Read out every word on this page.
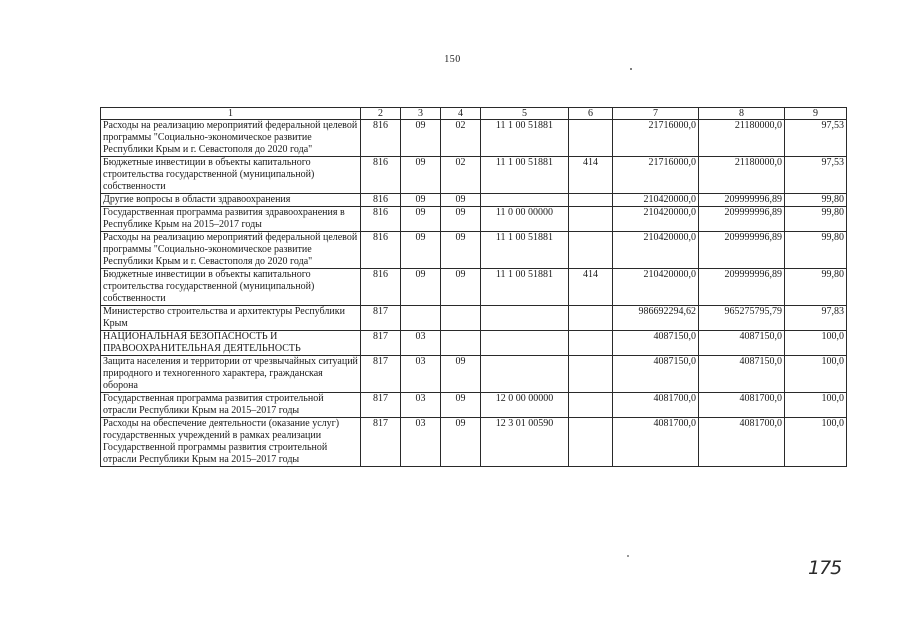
150
1	2	3	4	5	6	7	8	9
Расходы на реализацию мероприятий федеральной целевой программы "Социально-экономическое развитие Республики Крым и г. Севастополя до 2020 года"	816	09	02	11 1 00 51881		21716000,0	21180000,0	97,53
Бюджетные инвестиции в объекты капитального строительства государственной (муниципальной) собственности	816	09	02	11 1 00 51881	414	21716000,0	21180000,0	97,53
Другие вопросы в области здравоохранения	816	09	09			210420000,0	209999996,89	99,80
Государственная программа развития здравоохранения в Республике Крым на 2015–2017 годы	816	09	09	11 0 00 00000		210420000,0	209999996,89	99,80
Расходы на реализацию мероприятий федеральной целевой программы "Социально-экономическое развитие Республики Крым и г. Севастополя до 2020 года"	816	09	09	11 1 00 51881		210420000,0	209999996,89	99,80
Бюджетные инвестиции в объекты капитального строительства государственной (муниципальной) собственности	816	09	09	11 1 00 51881	414	210420000,0	209999996,89	99,80
Министерство строительства и архитектуры Республики Крым	817					986692294,62	965275795,79	97,83
НАЦИОНАЛЬНАЯ БЕЗОПАСНОСТЬ И ПРАВООХРАНИТЕЛЬНАЯ ДЕЯТЕЛЬНОСТЬ	817	03				4087150,0	4087150,0	100,0
Защита населения и территории от чрезвычайных ситуаций природного и техногенного характера, гражданская оборона	817	03	09			4087150,0	4087150,0	100,0
Государственная программа развития строительной отрасли Республики Крым на 2015–2017 годы	817	03	09	12 0 00 00000		4081700,0	4081700,0	100,0
Расходы на обеспечение деятельности (оказание услуг) государственных учреждений в рамках реализации Государственной программы развития строительной отрасли Республики Крым на 2015–2017 годы	817	03	09	12 3 01 00590		4081700,0	4081700,0	100,0
175
